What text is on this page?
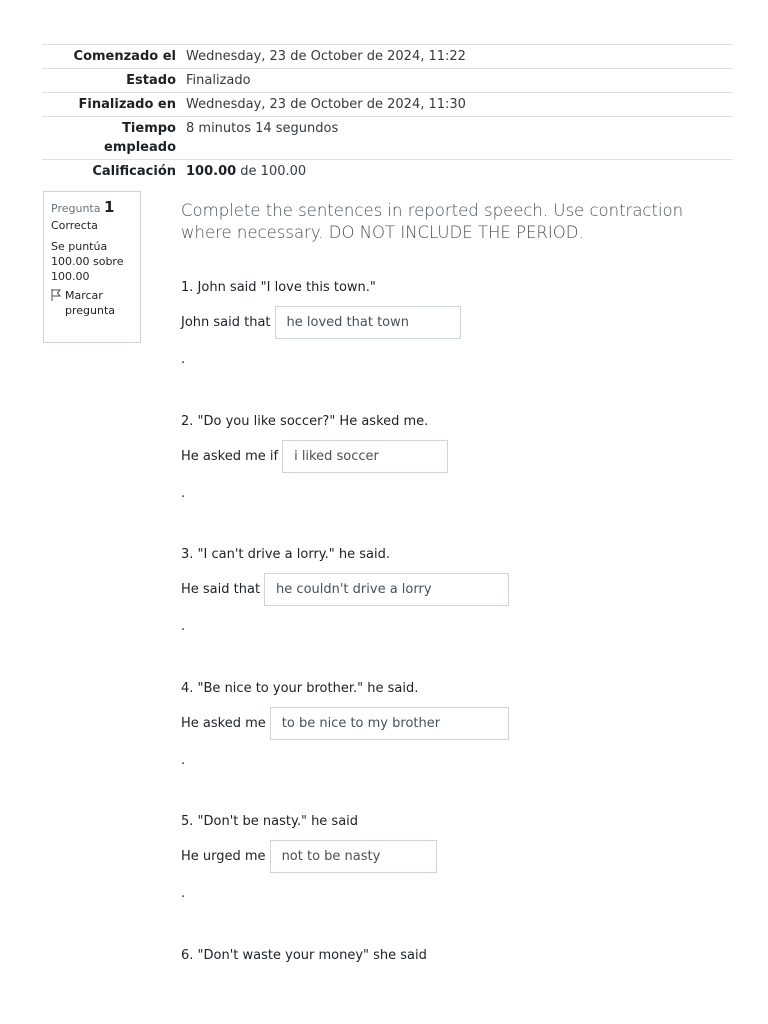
Comenzado el	Wednesday, 23 de October de 2024, 11:22
Estado	Finalizado
Finalizado en	Wednesday, 23 de October de 2024, 11:30
Tiempo empleado	8 minutos 14 segundos
Calificación	100.00 de 100.00
Pregunta 1
Correcta
Se puntúa 100.00 sobre 100.00
Marcar pregunta

Complete the sentences in reported speech. Use contraction where necessary. DO NOT INCLUDE THE PERIOD.

1. John said "I love this town."
John said that
he loved that town
.
2. "Do you like soccer?" He asked me.
He asked me if
i liked soccer
.
3. "I can't drive a lorry." he said.
He said that
he couldn't drive a lorry
.
4. "Be nice to your brother." he said.
He asked me
to be nice to my brother
.
5. "Don't be nasty." he said
He urged me
not to be nasty
.
6. "Don't waste your money" she said
